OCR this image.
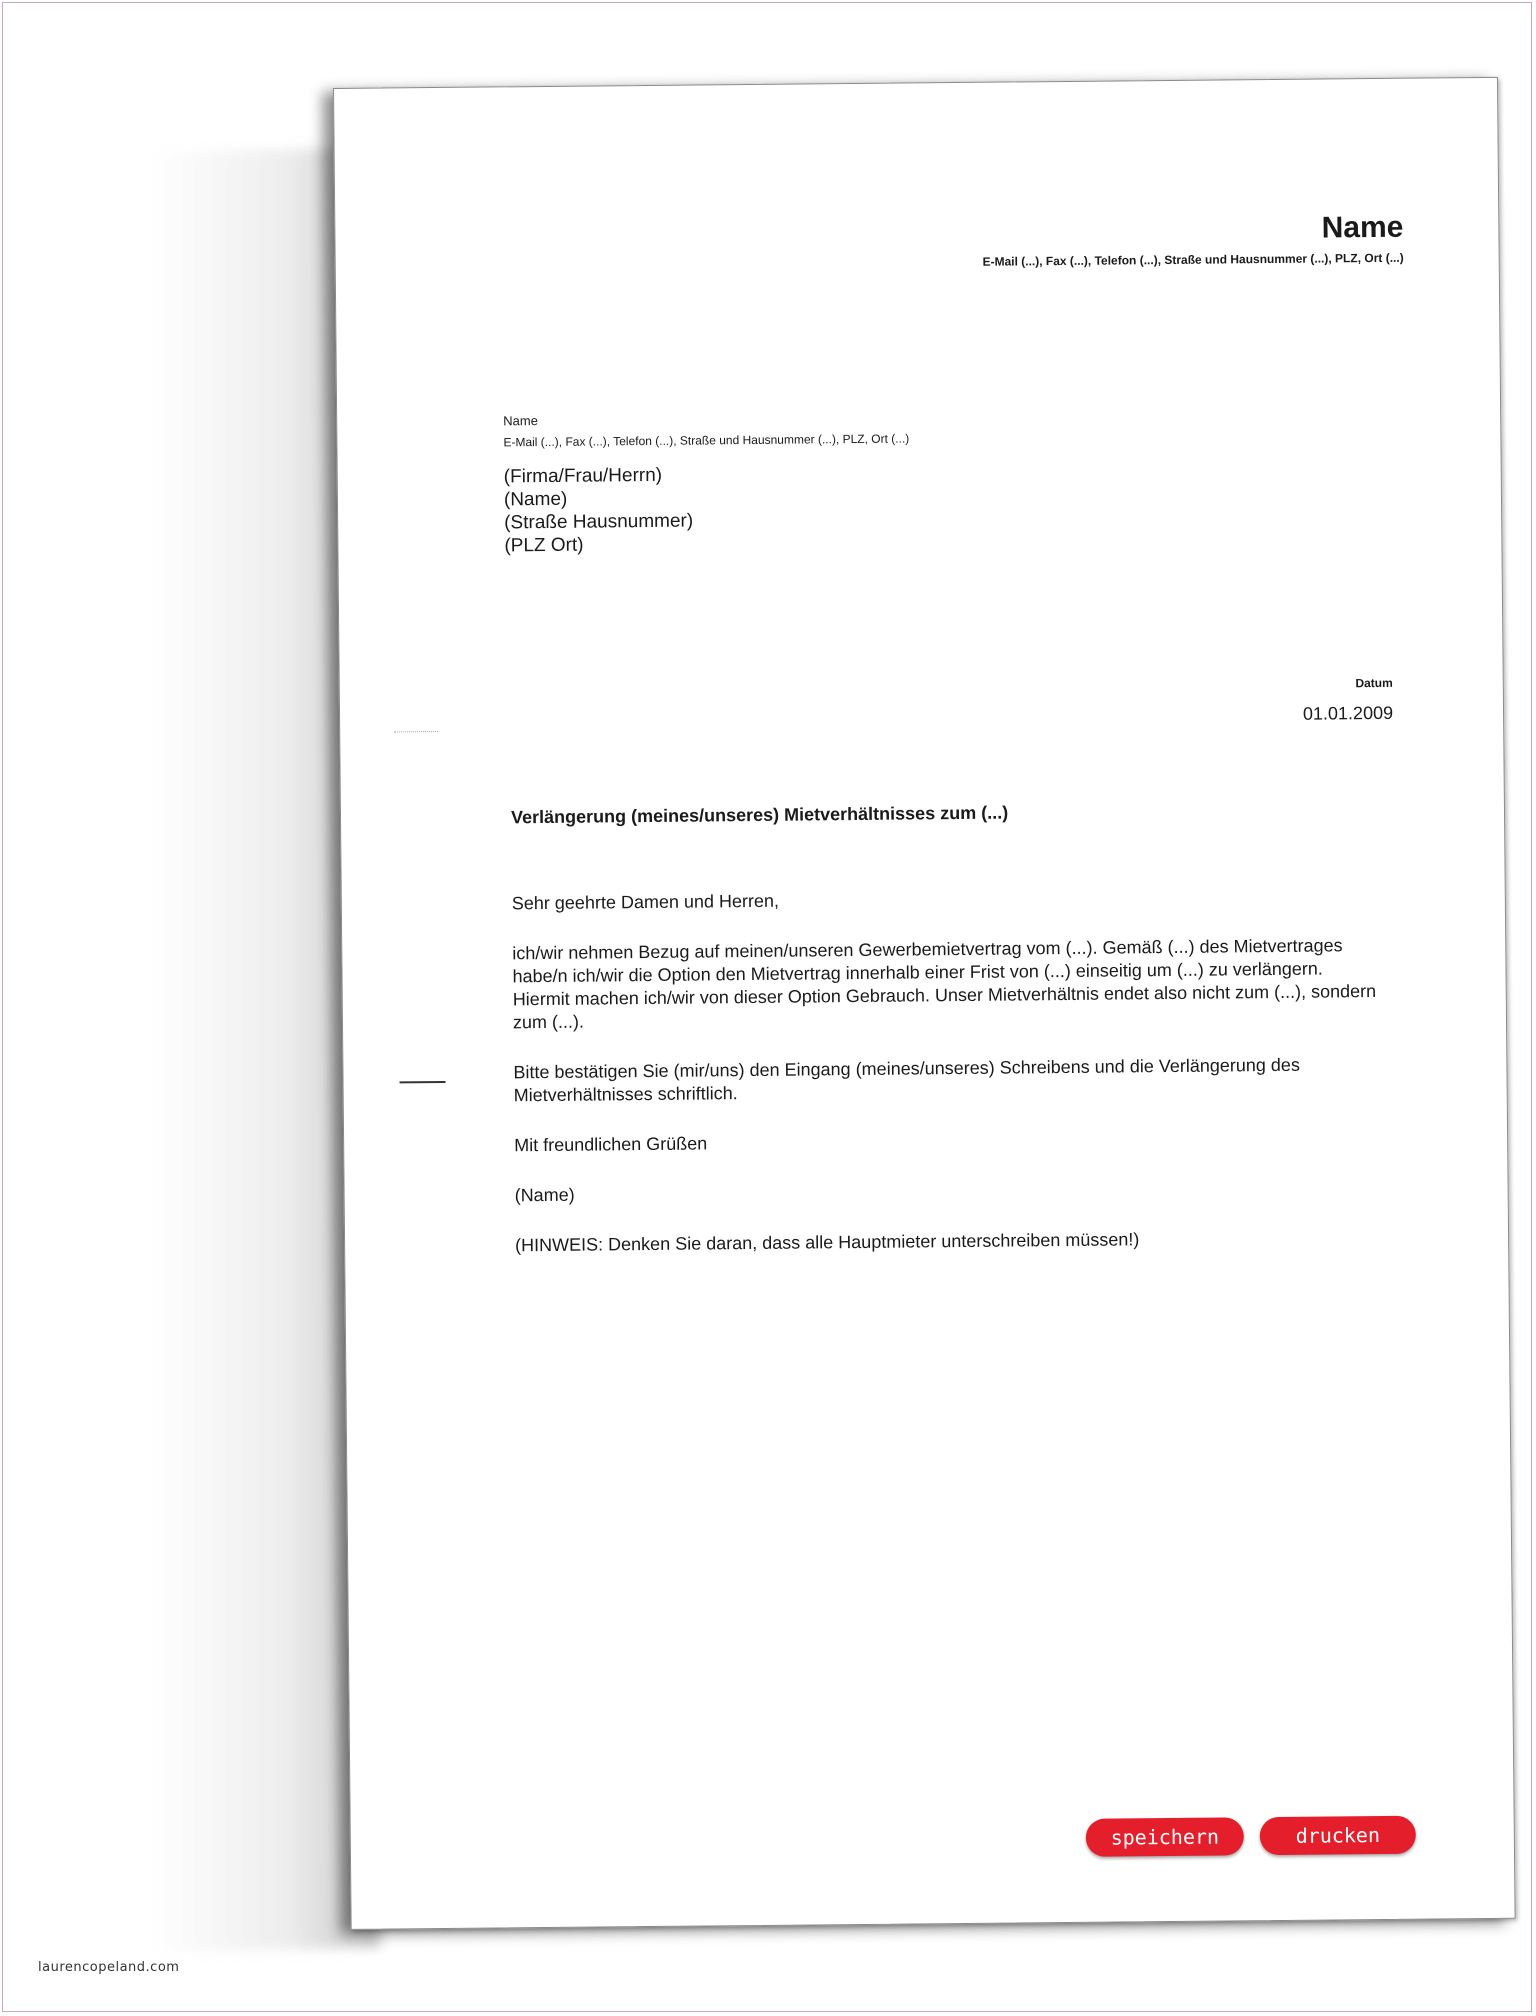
Name
E-Mail (...), Fax (...), Telefon (...), Straße und Hausnummer (...), PLZ, Ort (...)
Name
E-Mail (...), Fax (...), Telefon (...), Straße und Hausnummer (...), PLZ, Ort (...)
(Firma/Frau/Herrn)
(Name)
(Straße Hausnummer)
(PLZ Ort)
Datum
01.01.2009
Verlängerung (meines/unseres) Mietverhältnisses zum (...)

Sehr geehrte Damen und Herren,

ich/wir nehmen Bezug auf meinen/unseren Gewerbemietvertrag vom (...). Gemäß (...) des Mietvertrages habe/n ich/wir die Option den Mietvertrag innerhalb einer Frist von (...) einseitig um (...) zu verlängern. Hiermit machen ich/wir von dieser Option Gebrauch. Unser Mietverhältnis endet also nicht zum (...), sondern zum (...).

Bitte bestätigen Sie (mir/uns) den Eingang (meines/unseres) Schreibens und die Verlängerung des Mietverhältnisses schriftlich.

Mit freundlichen Grüßen

(Name)

(HINWEIS: Denken Sie daran, dass alle Hauptmieter unterschreiben müssen!)

speichern	drucken
laurencopeland.com
